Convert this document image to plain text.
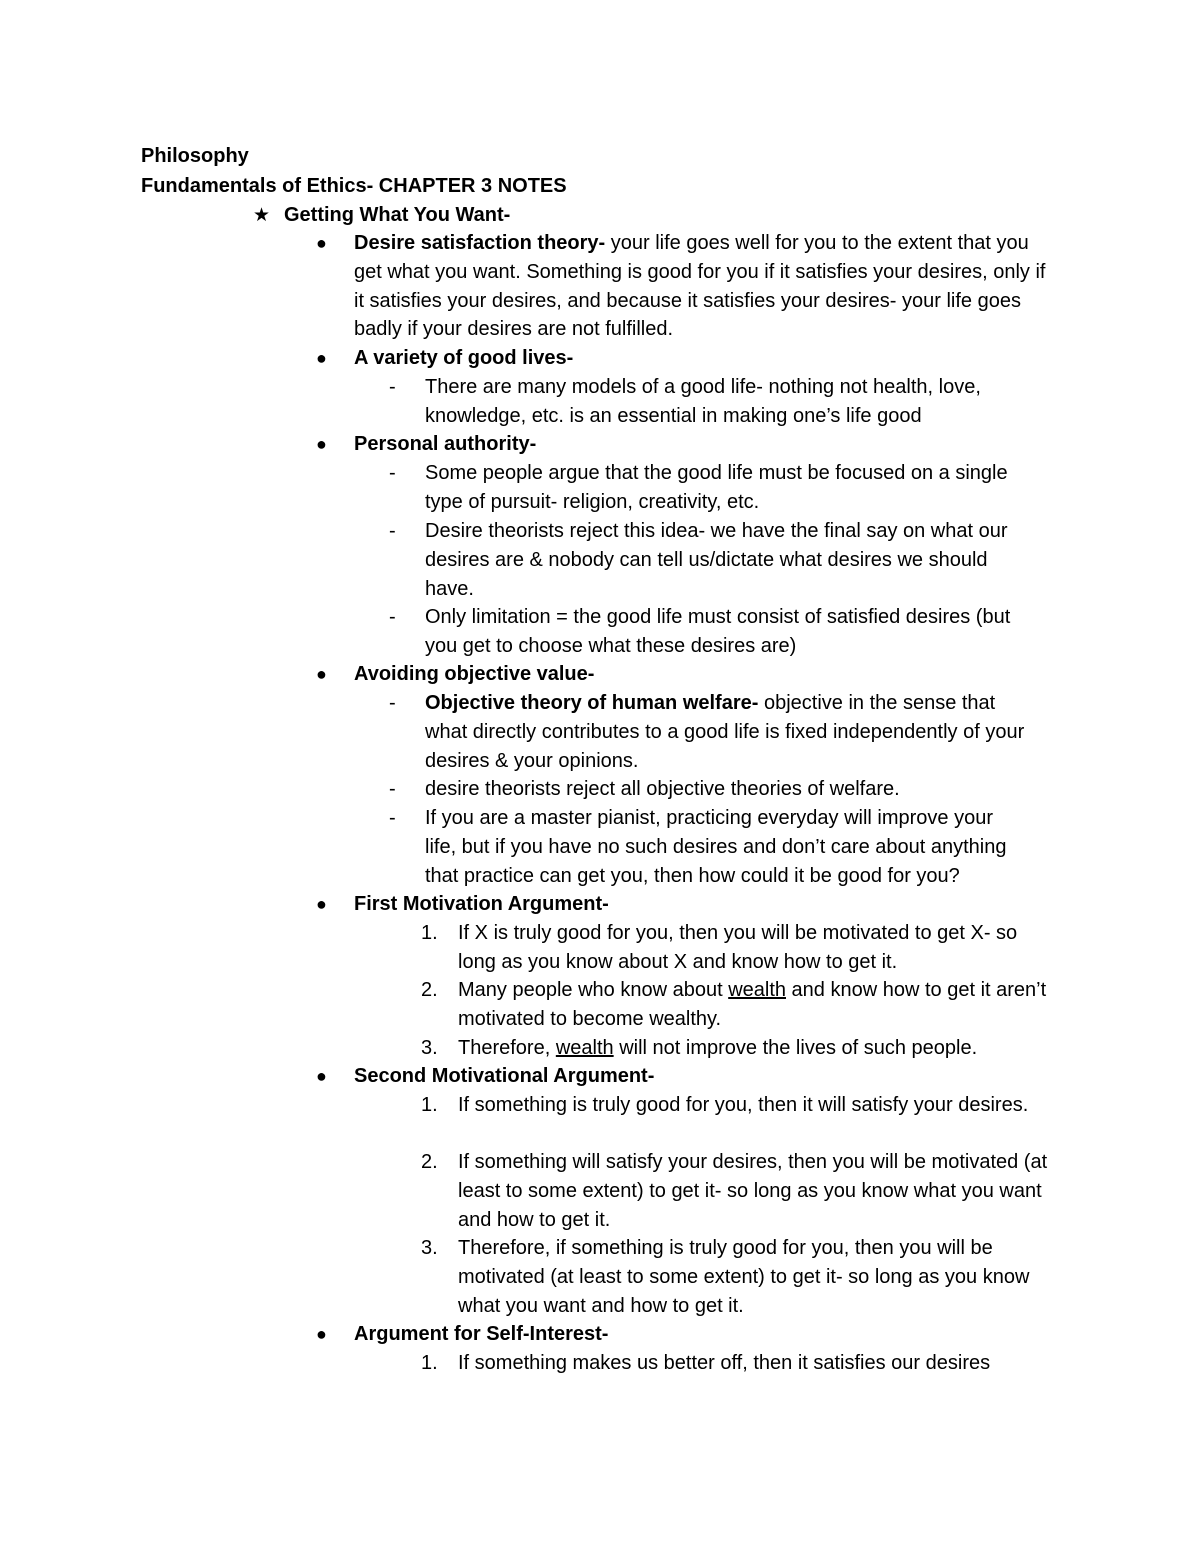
Philosophy
Fundamentals of Ethics- CHAPTER 3 NOTES
★ Getting What You Want-
● Desire satisfaction theory- your life goes well for you to the extent that you get what you want. Something is good for you if it satisfies your desires, only if it satisfies your desires, and because it satisfies your desires- your life goes badly if your desires are not fulfilled.
● A variety of good lives-
- There are many models of a good life- nothing not health, love, knowledge, etc. is an essential in making one’s life good
● Personal authority-
- Some people argue that the good life must be focused on a single type of pursuit- religion, creativity, etc.
- Desire theorists reject this idea- we have the final say on what our desires are & nobody can tell us/dictate what desires we should have.
- Only limitation = the good life must consist of satisfied desires (but you get to choose what these desires are)
● Avoiding objective value-
- Objective theory of human welfare- objective in the sense that what directly contributes to a good life is fixed independently of your desires & your opinions.
- desire theorists reject all objective theories of welfare.
- If you are a master pianist, practicing everyday will improve your life, but if you have no such desires and don’t care about anything that practice can get you, then how could it be good for you?
● First Motivation Argument-
1. If X is truly good for you, then you will be motivated to get X- so long as you know about X and know how to get it.
2. Many people who know about wealth and know how to get it aren’t motivated to become wealthy.
3. Therefore, wealth will not improve the lives of such people.
● Second Motivational Argument-
1. If something is truly good for you, then it will satisfy your desires.
2. If something will satisfy your desires, then you will be motivated (at least to some extent) to get it- so long as you know what you want and how to get it.
3. Therefore, if something is truly good for you, then you will be motivated (at least to some extent) to get it- so long as you know what you want and how to get it.
● Argument for Self-Interest-
1. If something makes us better off, then it satisfies our desires
